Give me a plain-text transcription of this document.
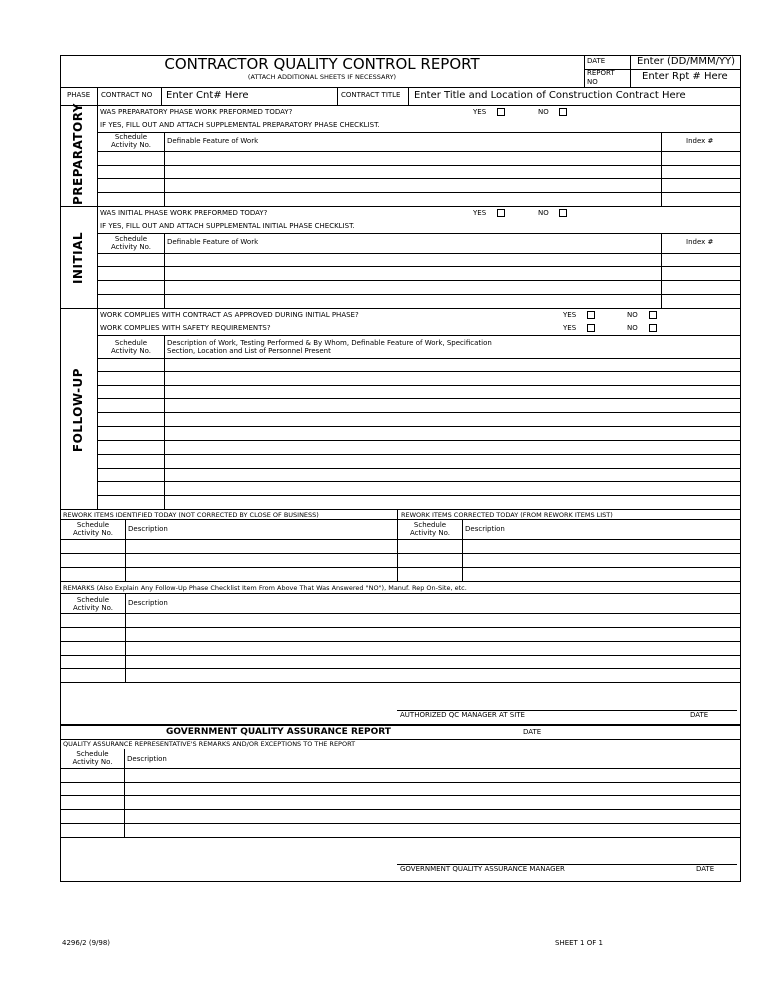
CONTRACTOR QUALITY CONTROL REPORT
(ATTACH ADDITIONAL SHEETS IF NECESSARY)
DATE	Enter (DD/MMM/YY)
REPORT
NO	Enter Rpt # Here
PHASE CONTRACT NO Enter Cnt# Here	CONTRACT TITLE Enter Title and Location of Construction Contract Here
PREPARATORY WAS PREPARATORY PHASE WORK PREFORMED TODAY?	YES	NO
IF YES, FILL OUT AND ATTACH SUPPLEMENTAL PREPARATORY PHASE CHECKLIST.
Schedule
Activity No.
Definable Feature of Work	Index #
INITIAL
WAS INITIAL PHASE WORK PREFORMED TODAY?	YES	NO
IF YES, FILL OUT AND ATTACH SUPPLEMENTAL INITIAL PHASE CHECKLIST.
Schedule
Activity No.
Definable Feature of Work	Index #
FOLLOW-UP
WORK COMPLIES WITH CONTRACT AS APPROVED DURING INITIAL PHASE?	YES	NO
WORK COMPLIES WITH SAFETY REQUIREMENTS?	YES	NO
Schedule
Activity No.
Description of Work, Testing Performed & By Whom, Definable Feature of Work, Specification
Section, Location and List of Personnel Present
REWORK ITEMS IDENTIFIED TODAY (NOT CORRECTED BY CLOSE OF BUSINESS)	REWORK ITEMS CORRECTED TODAY (FROM REWORK ITEMS LIST)
Schedule
Activity No.
Description	Schedule
Activity No.
Description
REMARKS (Also Explain Any Follow-Up Phase Checklist Item From Above That Was Answered "NO"), Manuf. Rep On-Site, etc.
Schedule
Activity No.
Description
AUTHORIZED QC MANAGER AT SITE	DATE
GOVERNMENT QUALITY ASSURANCE REPORT	DATE
QUALITY ASSURANCE REPRESENTATIVE'S REMARKS AND/OR EXCEPTIONS TO THE REPORT
Schedule
Activity No.	Description
GOVERNMENT QUALITY ASSURANCE MANAGER	DATE
4296/2 (9/98)	SHEET 1 OF 1
